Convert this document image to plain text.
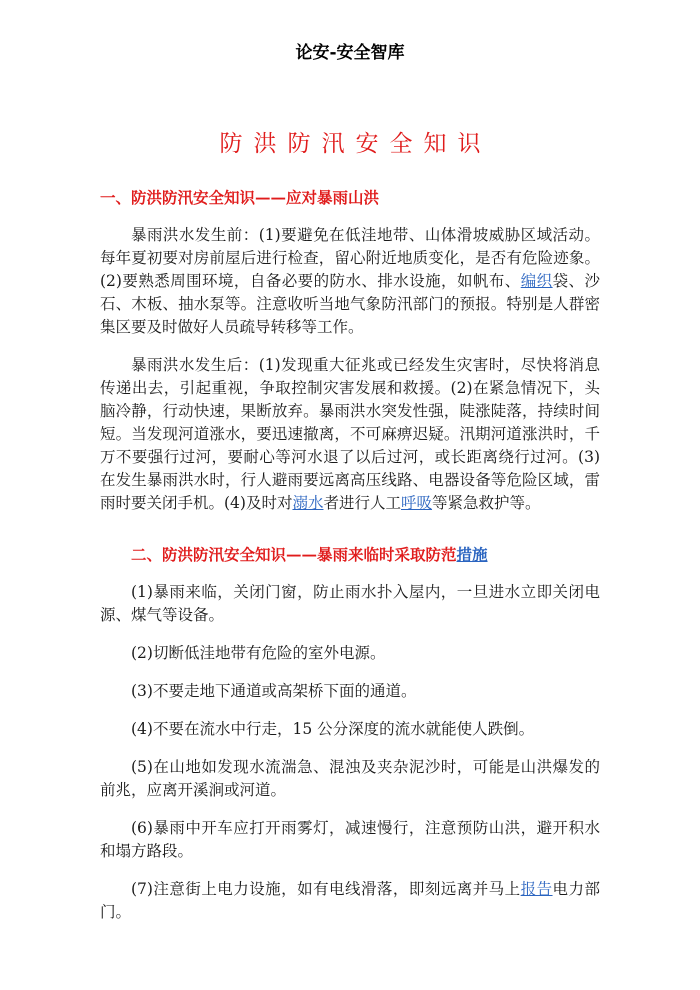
论安-安全智库
防洪防汛安全知识
一、防洪防汛安全知识——应对暴雨山洪

暴雨洪水发生前：(1)要避免在低洼地带、山体滑坡威胁区域活动。每年夏初要对房前屋后进行检查，留心附近地质变化，是否有危险迹象。(2)要熟悉周围环境，自备必要的防水、排水设施，如帆布、编织袋、沙石、木板、抽水泵等。注意收听当地气象防汛部门的预报。特别是人群密集区要及时做好人员疏导转移等工作。

暴雨洪水发生后：(1)发现重大征兆或已经发生灾害时，尽快将消息传递出去，引起重视，争取控制灾害发展和救援。(2)在紧急情况下，头脑冷静，行动快速，果断放弃。暴雨洪水突发性强，陡涨陡落，持续时间短。当发现河道涨水，要迅速撤离，不可麻痹迟疑。汛期河道涨洪时，千万不要强行过河，要耐心等河水退了以后过河，或长距离绕行过河。(3)在发生暴雨洪水时，行人避雨要远离高压线路、电器设备等危险区域，雷雨时要关闭手机。(4)及时对溺水者进行人工呼吸等紧急救护等。

二、防洪防汛安全知识——暴雨来临时采取防范措施

(1)暴雨来临，关闭门窗，防止雨水扑入屋内，一旦进水立即关闭电源、煤气等设备。

(2)切断低洼地带有危险的室外电源。

(3)不要走地下通道或高架桥下面的通道。

(4)不要在流水中行走，15 公分深度的流水就能使人跌倒。

(5)在山地如发现水流湍急、混浊及夹杂泥沙时，可能是山洪爆发的前兆，应离开溪涧或河道。

(6)暴雨中开车应打开雨雾灯，减速慢行，注意预防山洪，避开积水和塌方路段。

(7)注意街上电力设施，如有电线滑落，即刻远离并马上报告电力部门。
